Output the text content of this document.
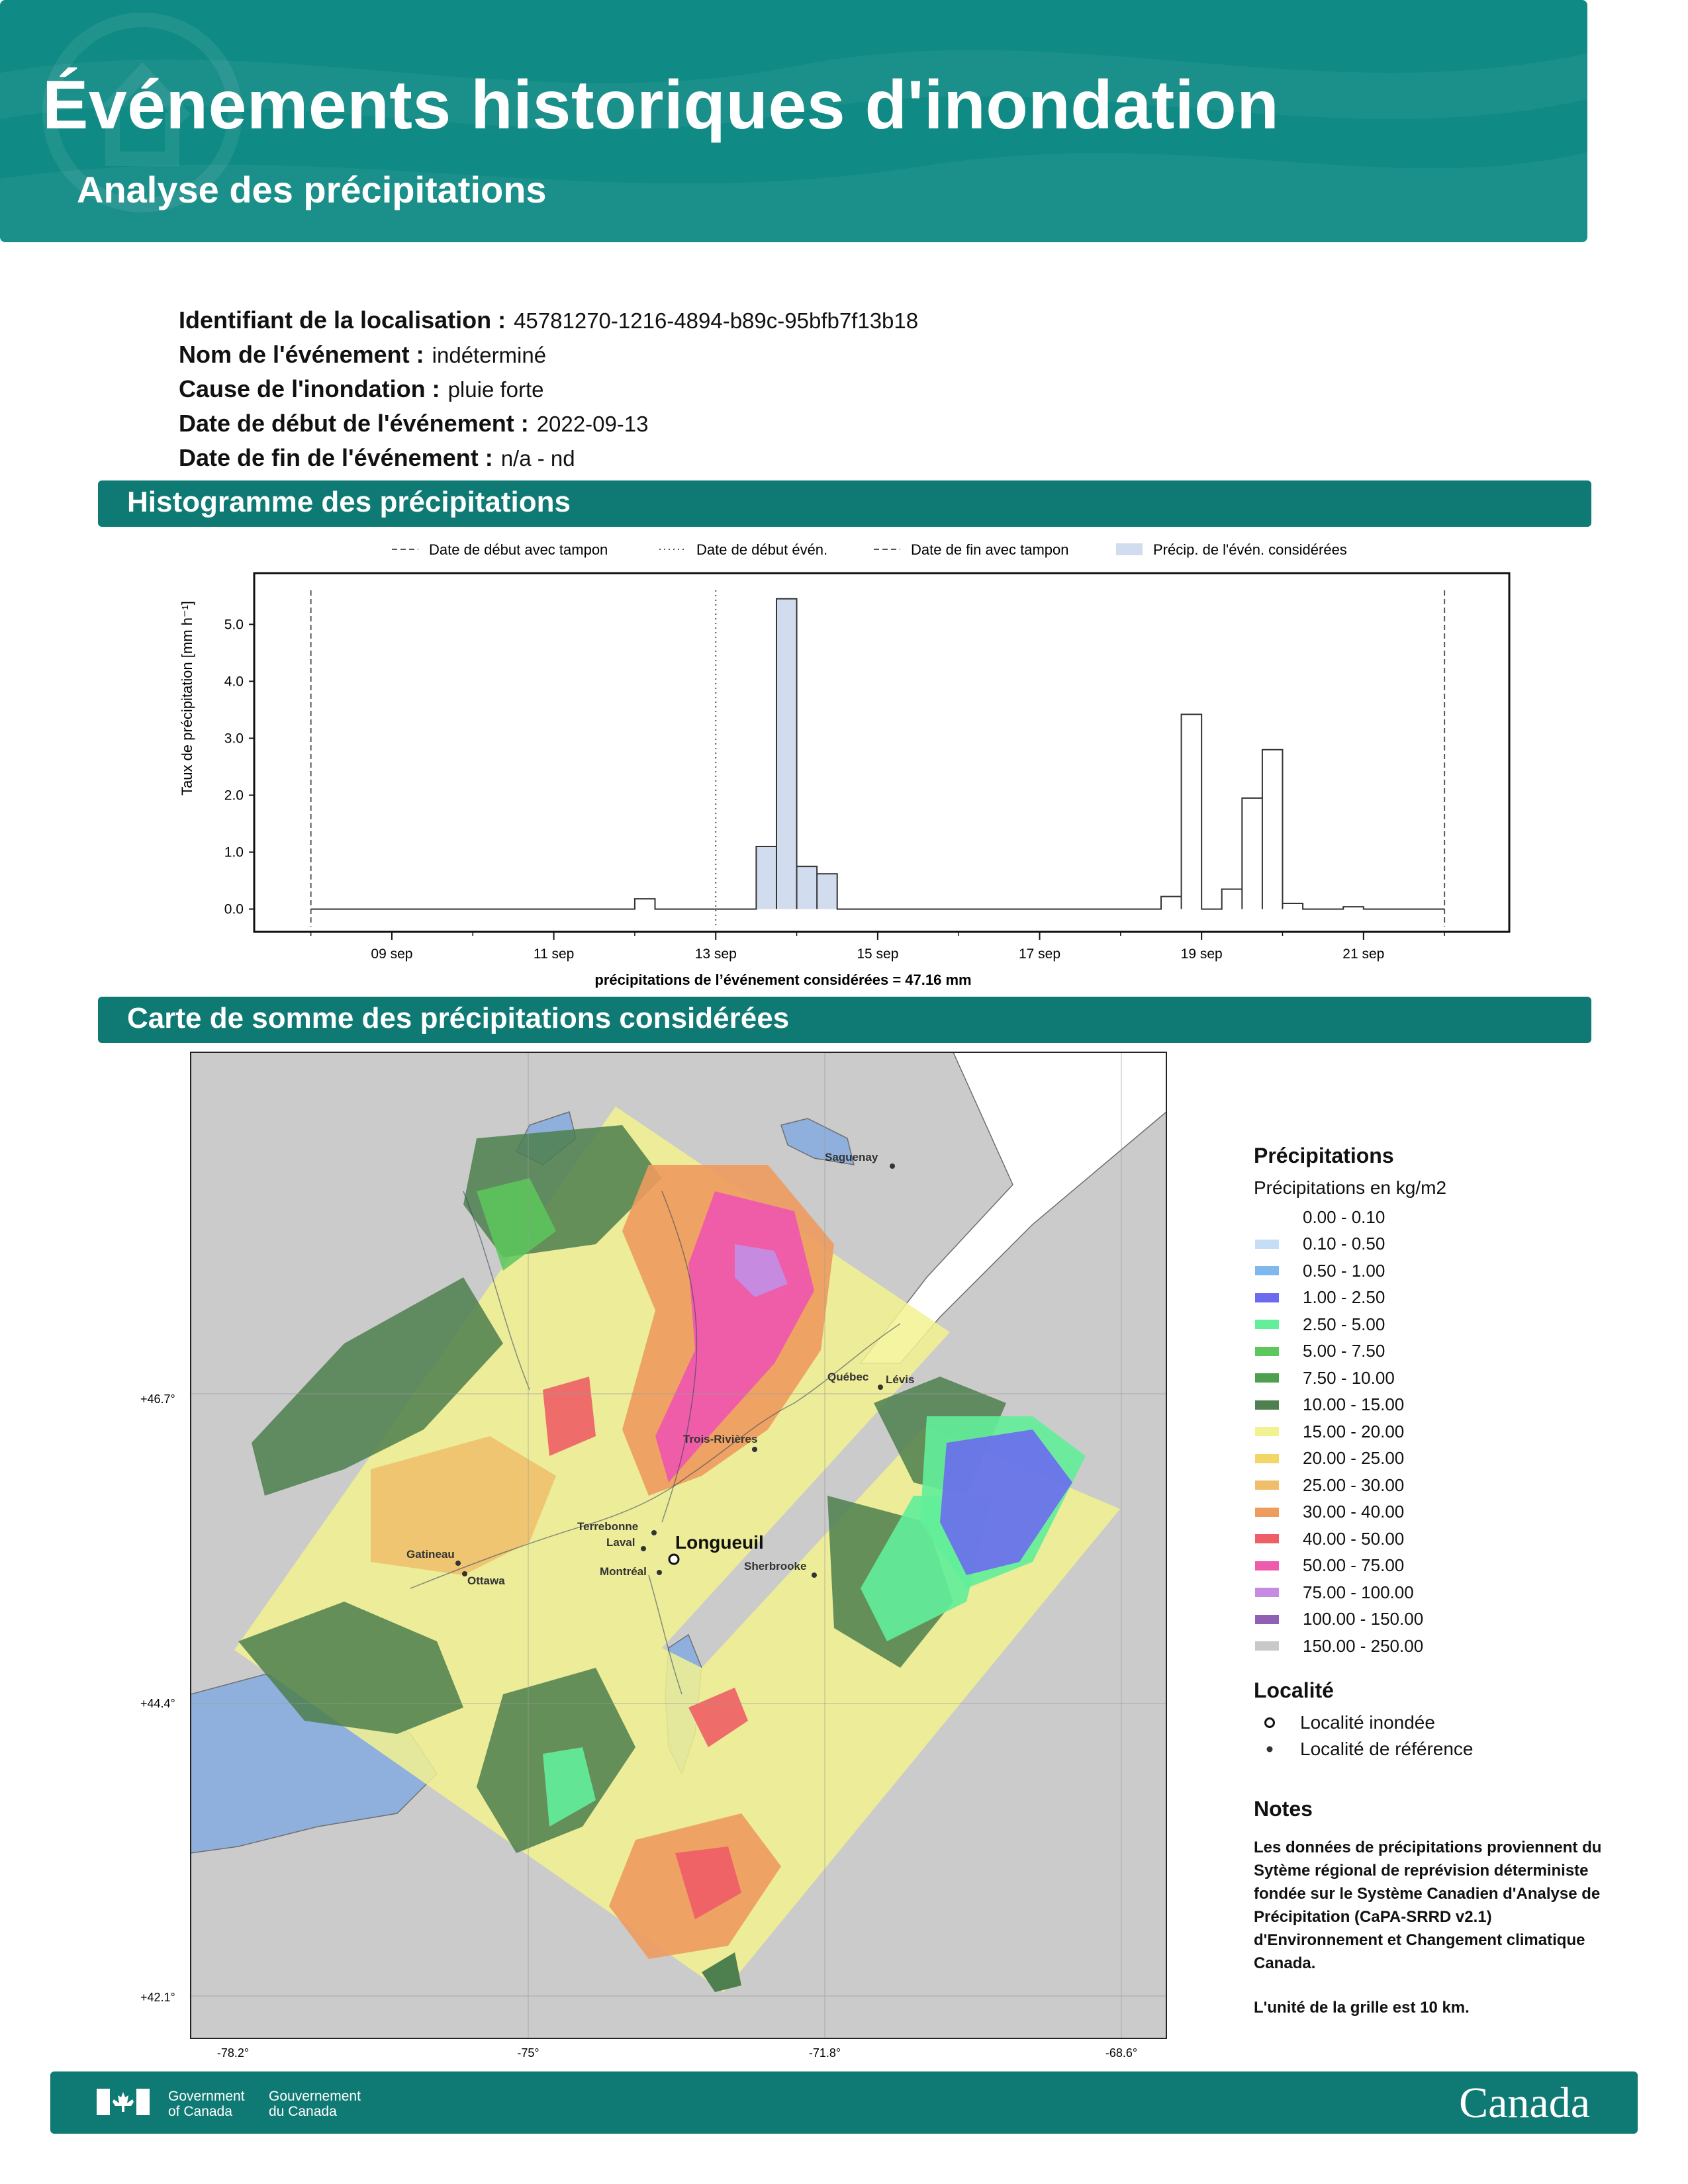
Événements historiques d'inondation
Analyse des précipitations
Identifiant de la localisation : 45781270-1216-4894-b89c-95bfb7f13b18
Nom de l'événement : indéterminé
Cause de l'inondation : pluie forte
Date de début de l'événement : 2022-09-13
Date de fin de l'événement : n/a - nd
Histogramme des précipitations
Date de début avec tampon	Date de début évén.	Date de fin avec tampon	Précip. de l'évén. considérées
0.0
1.0
2.0
3.0
4.0
5.0
09 sep	11 sep	13 sep	15 sep	17 sep	19 sep	21 sep
Taux de précipitation [mm h⁻¹]
précipitations de l’événement considérées = 47.16 mm
Carte de somme des précipitations considérées
+46.7°
+44.4°
+42.1°
-78.2°	-75°	-71.8°	-68.6°
Saguenay
Québec Lévis
Trois-Rivières
Terrebonne
Laval
Montréal
Longueuil
Sherbrooke
Gatineau
Ottawa
Précipitations
Précipitations en kg/m2
0.00 - 0.10
0.10 - 0.50
0.50 - 1.00
1.00 - 2.50
2.50 - 5.00
5.00 - 7.50
7.50 - 10.00
10.00 - 15.00
15.00 - 20.00
20.00 - 25.00
25.00 - 30.00
30.00 - 40.00
40.00 - 50.00
50.00 - 75.00
75.00 - 100.00
100.00 - 150.00
150.00 - 250.00
Localité
Localité inondée
Localité de référence
Notes
Les données de précipitations proviennent du Sytème régional de reprévision déterministe fondée sur le Système Canadien d'Analyse de Précipitation (CaPA-SRRD v2.1) d'Environnement et Changement climatique Canada.
L'unité de la grille est 10 km.
Government
of Canada
Gouvernement
du Canada	Canada
